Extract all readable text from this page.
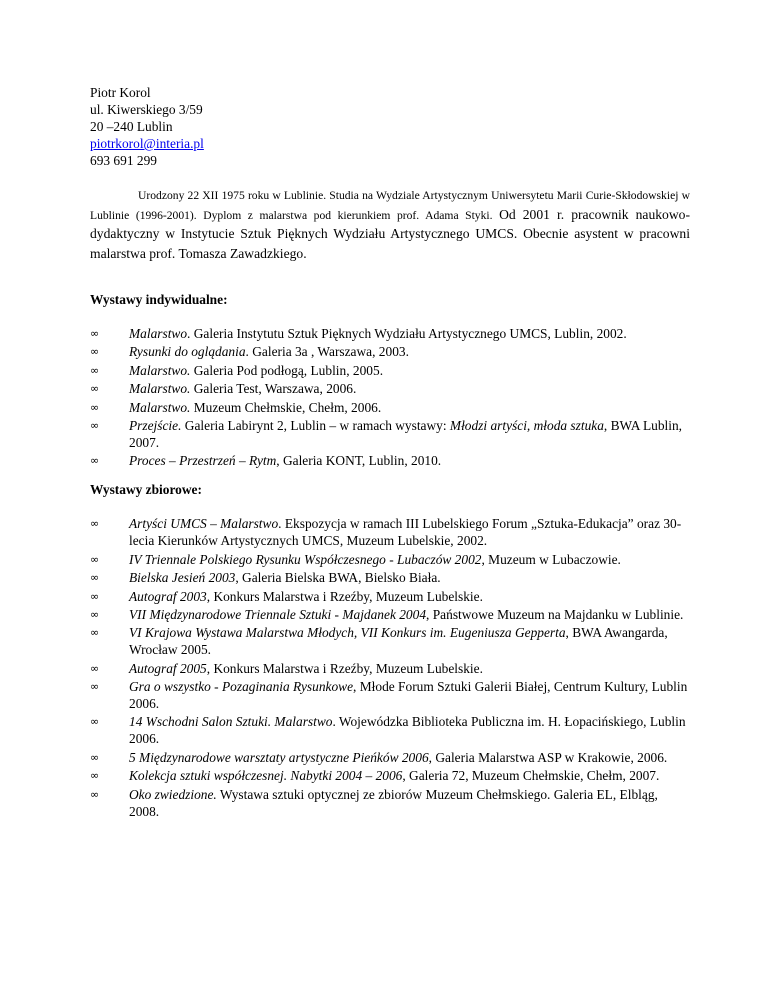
Piotr Korol
ul. Kiwerskiego 3/59
20 –240 Lublin
piotrkorol@interia.pl
693 691 299

Urodzony 22 XII 1975 roku w Lublinie. Studia na Wydziale Artystycznym Uniwersytetu Marii Curie-Skłodowskiej w Lublinie (1996-2001). Dyplom z malarstwa pod kierunkiem prof. Adama Styki. Od 2001 r. pracownik naukowo-dydaktyczny w Instytucie Sztuk Pięknych Wydziału Artystycznego UMCS. Obecnie asystent w pracowni malarstwa prof. Tomasza Zawadzkiego.

Wystawy indywidualne:
∞ Malarstwo. Galeria Instytutu Sztuk Pięknych Wydziału Artystycznego UMCS, Lublin, 2002.
∞ Rysunki do oglądania. Galeria 3a , Warszawa, 2003.
∞ Malarstwo. Galeria Pod podłogą, Lublin, 2005.
∞ Malarstwo. Galeria Test, Warszawa, 2006.
∞ Malarstwo. Muzeum Chełmskie, Chełm, 2006.
∞ Przejście. Galeria Labirynt 2, Lublin – w ramach wystawy: Młodzi artyści, młoda sztuka, BWA Lublin, 2007.
∞ Proces – Przestrzeń – Rytm, Galeria KONT, Lublin, 2010.
Wystawy zbiorowe:
∞ Artyści UMCS – Malarstwo. Ekspozycja w ramach III Lubelskiego Forum „Sztuka-Edukacja” oraz 30-lecia Kierunków Artystycznych UMCS, Muzeum Lubelskie, 2002.
∞ IV Triennale Polskiego Rysunku Współczesnego - Lubaczów 2002, Muzeum w Lubaczowie.
∞ Bielska Jesień 2003, Galeria Bielska BWA, Bielsko Biała.
∞ Autograf 2003, Konkurs Malarstwa i Rzeźby, Muzeum Lubelskie.
∞ VII Międzynarodowe Triennale Sztuki - Majdanek 2004, Państwowe Muzeum na Majdanku w Lublinie.
∞ VI Krajowa Wystawa Malarstwa Młodych, VII Konkurs im. Eugeniusza Gepperta, BWA Awangarda, Wrocław 2005.
∞ Autograf 2005, Konkurs Malarstwa i Rzeźby, Muzeum Lubelskie.
∞ Gra o wszystko - Pozaginania Rysunkowe, Młode Forum Sztuki Galerii Białej, Centrum Kultury, Lublin 2006.
∞ 14 Wschodni Salon Sztuki. Malarstwo. Wojewódzka Biblioteka Publiczna im. H. Łopacińskiego, Lublin 2006.
∞ 5 Międzynarodowe warsztaty artystyczne Pieńków 2006, Galeria Malarstwa ASP w Krakowie, 2006.
∞ Kolekcja sztuki współczesnej. Nabytki 2004 – 2006, Galeria 72, Muzeum Chełmskie, Chełm, 2007.
∞ Oko zwiedzione. Wystawa sztuki optycznej ze zbiorów Muzeum Chełmskiego. Galeria EL, Elbląg, 2008.
